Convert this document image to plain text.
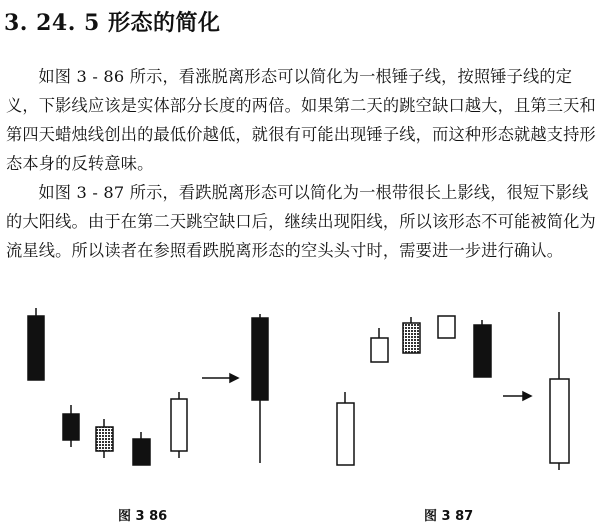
3. 24. 5 形态的简化

如图 3 - 86 所示，看涨脱离形态可以简化为一根锤子线，按照锤子线的定义，下影线应该是实体部分长度的两倍。如果第二天的跳空缺口越大，且第三天和第四天蜡烛线创出的最低价越低，就很有可能出现锤子线，而这种形态就越支持形态本身的反转意味。

如图 3 - 87 所示，看跌脱离形态可以简化为一根带很长上影线，很短下影线的大阳线。由于在第二天跳空缺口后，继续出现阳线，所以该形态不可能被简化为流星线。所以读者在参照看跌脱离形态的空头头寸时，需要进一步进行确认。

图 3 86	图 3 87
